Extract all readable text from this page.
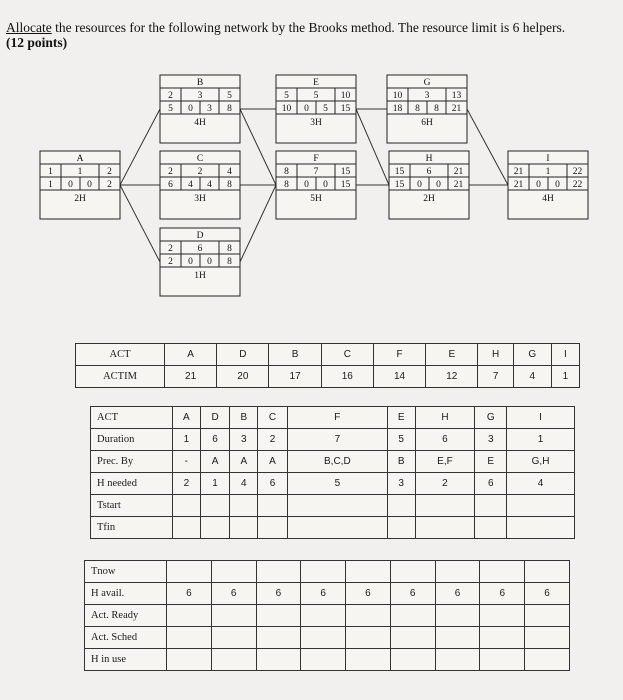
Allocate the resources for the following network by the Brooks method. The resource limit is 6 helpers.
(12 points)
B
2	3	5
5 0 3 8
4H
E
5	5 10
10 0 5 15
3H
G
10 3 13
18 8 8 21
6H
A
1	1	2
1 0 0 2
2H
C
2	2	4
6 4 4 8
3H
F
8	7 15
8 0 0 15
5H
H
15 6 21
15 0 0 21
2H
I
21 1 22
21 0 0 22
4H
D
2	6	8
2 0 0 8
1H
ACT	A	D	B	C	F	E	H	G	I
ACTIM	21	20	17	16	14	12	7	4	1
ACT	A	D	B	C	F	E	H	G	I
Duration	1	6	3	2	7	5	6	3	1
Prec. By	-	A	A	A	B,C,D	B	E,F	E	G,H
H needed	2	1	4	6	5	3	2	6	4
Tstart									
Tfin									
Tnow									
H avail.	6	6	6	6	6	6	6	6	6
Act. Ready									
Act. Sched									
H in use									
